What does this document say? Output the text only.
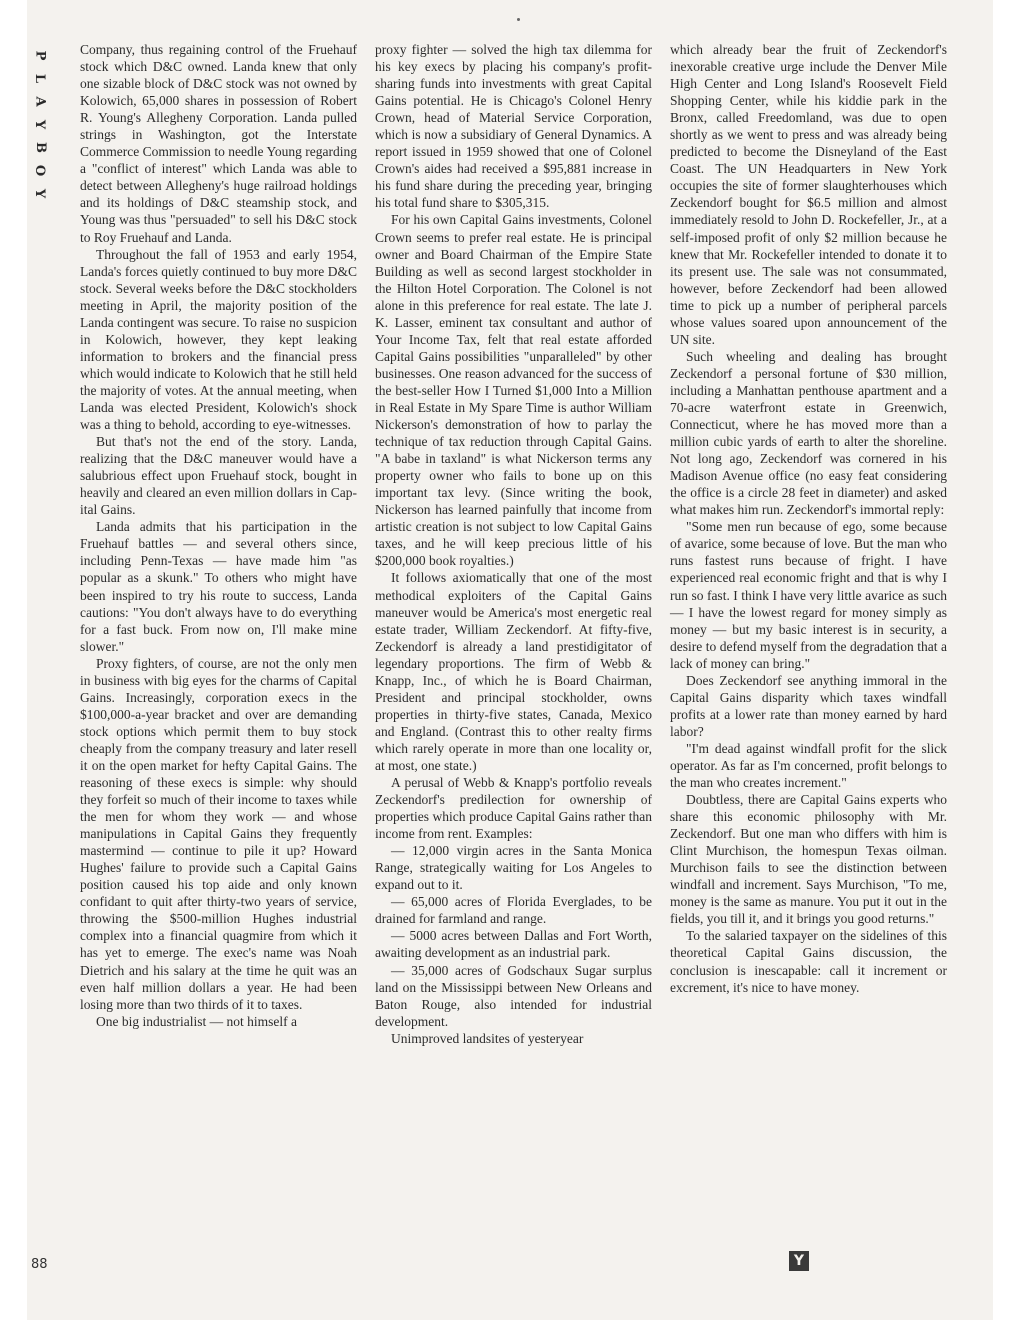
P
L
A
Y
B
O
Y

Company, thus regaining control of the Fruehauf stock which D&C owned. Landa knew that only one sizable block of D&C stock was not owned by Kolowich, 65,000 shares in possession of Robert R. Young's Allegheny Corporation. Landa pulled strings in Washington, got the Interstate Commerce Commission to needle Young regarding a "conflict of interest" which Landa was able to detect between Allegheny's huge railroad holdings and its holdings of D&C steamship stock, and Young was thus "persuaded" to sell his D&C stock to Roy Fruehauf and Landa.

Throughout the fall of 1953 and early 1954, Landa's forces quietly continued to buy more D&C stock. Several weeks before the D&C stockholders meeting in April, the majority position of the Landa contingent was secure. To raise no suspicion in Kolowich, however, they kept leaking information to brokers and the financial press which would indicate to Kolowich that he still held the majority of votes. At the annual meeting, when Landa was elected President, Kolowich's shock was a thing to behold, according to eye-witnesses.

But that's not the end of the story. Landa, realizing that the D&C maneuver would have a salubrious effect upon Fruehauf stock, bought in heavily and cleared an even million dollars in Capital Gains.

Landa admits that his participation in the Fruehauf battles — and several others since, including Penn-Texas — have made him "as popular as a skunk." To others who might have been inspired to try his route to success, Landa cautions: "You don't always have to do everything for a fast buck. From now on, I'll make mine slower."

Proxy fighters, of course, are not the only men in business with big eyes for the charms of Capital Gains. Increasingly, corporation execs in the $100,000-a-year bracket and over are demanding stock options which permit them to buy stock cheaply from the company treasury and later resell it on the open market for hefty Capital Gains. The reasoning of these execs is simple: why should they forfeit so much of their income to taxes while the men for whom they work — and whose manipulations in Capital Gains they frequently mastermind — continue to pile it up? Howard Hughes' failure to provide such a Capital Gains position caused his top aide and only known confidant to quit after thirty-two years of service, throwing the $500-million Hughes industrial complex into a financial quagmire from which it has yet to emerge. The exec's name was Noah Dietrich and his salary at the time he quit was an even half million dollars a year. He had been losing more than two thirds of it to taxes.

One big industrialist — not himself a

proxy fighter — solved the high tax dilemma for his key execs by placing his company's profit-sharing funds into investments with great Capital Gains potential. He is Chicago's Colonel Henry Crown, head of Material Service Corporation, which is now a subsidiary of General Dynamics. A report issued in 1959 showed that one of Colonel Crown's aides had received a $95,881 increase in his fund share during the preceding year, bringing his total fund share to $305,315.

For his own Capital Gains investments, Colonel Crown seems to prefer real estate. He is principal owner and Board Chairman of the Empire State Building as well as second largest stockholder in the Hilton Hotel Corporation. The Colonel is not alone in this preference for real estate. The late J. K. Lasser, eminent tax consultant and author of Your Income Tax, felt that real estate afforded Capital Gains possibilities "unparalleled" by other businesses. One reason advanced for the success of the best-seller How I Turned $1,000 Into a Million in Real Estate in My Spare Time is author William Nickerson's demonstration of how to parlay the technique of tax reduction through Capital Gains. "A babe in taxland" is what Nickerson terms any property owner who fails to bone up on this important tax levy. (Since writing the book, Nickerson has learned painfully that income from artistic creation is not subject to low Capital Gains taxes, and he will keep precious little of his $200,000 book royalties.)

It follows axiomatically that one of the most methodical exploiters of the Capital Gains maneuver would be America's most energetic real estate trader, William Zeckendorf. At fifty-five, Zeckendorf is already a land prestidigitator of legendary proportions. The firm of Webb & Knapp, Inc., of which he is Board Chairman, President and principal stockholder, owns properties in thirty-five states, Canada, Mexico and England. (Contrast this to other realty firms which rarely operate in more than one locality or, at most, one state.)

A perusal of Webb & Knapp's portfolio reveals Zeckendorf's predilection for ownership of properties which produce Capital Gains rather than income from rent. Examples:

— 12,000 virgin acres in the Santa Monica Range, strategically waiting for Los Angeles to expand out to it.

— 65,000 acres of Florida Everglades, to be drained for farmland and range.

— 5000 acres between Dallas and Fort Worth, awaiting development as an industrial park.

— 35,000 acres of Godschaux Sugar surplus land on the Mississippi between New Orleans and Baton Rouge, also intended for industrial development.

Unimproved landsites of yesteryear

which already bear the fruit of Zeckendorf's inexorable creative urge include the Denver Mile High Center and Long Island's Roosevelt Field Shopping Center, while his kiddie park in the Bronx, called Freedomland, was due to open shortly as we went to press and was already being predicted to become the Disneyland of the East Coast. The UN Headquarters in New York occupies the site of former slaughterhouses which Zeckendorf bought for $6.5 million and almost immediately resold to John D. Rockefeller, Jr., at a self-imposed profit of only $2 million because he knew that Mr. Rockefeller intended to donate it to its present use. The sale was not consummated, however, before Zeckendorf had been allowed time to pick up a number of peripheral parcels whose values soared upon announcement of the UN site.

Such wheeling and dealing has brought Zeckendorf a personal fortune of $30 million, including a Manhattan penthouse apartment and a 70-acre waterfront estate in Greenwich, Connecticut, where he has moved more than a million cubic yards of earth to alter the shoreline. Not long ago, Zeckendorf was cornered in his Madison Avenue office (no easy feat considering the office is a circle 28 feet in diameter) and asked what makes him run. Zeckendorf's immortal reply:

"Some men run because of ego, some because of avarice, some because of love. But the man who runs fastest runs because of fright. I have experienced real economic fright and that is why I run so fast. I think I have very little avarice as such — I have the lowest regard for money simply as money — but my basic interest is in security, a desire to defend myself from the degradation that a lack of money can bring."

Does Zeckendorf see anything immoral in the Capital Gains disparity which taxes windfall profits at a lower rate than money earned by hard labor?

"I'm dead against windfall profit for the slick operator. As far as I'm concerned, profit belongs to the man who creates increment."

Doubtless, there are Capital Gains experts who share this economic philosophy with Mr. Zeckendorf. But one man who differs with him is Clint Murchison, the homespun Texas oilman. Murchison fails to see the distinction between windfall and increment. Says Murchison, "To me, money is the same as manure. You put it out in the fields, you till it, and it brings you good returns."

To the salaried taxpayer on the sidelines of this theoretical Capital Gains discussion, the conclusion is inescapable: call it increment or excrement, it's nice to have money.

88	Y
